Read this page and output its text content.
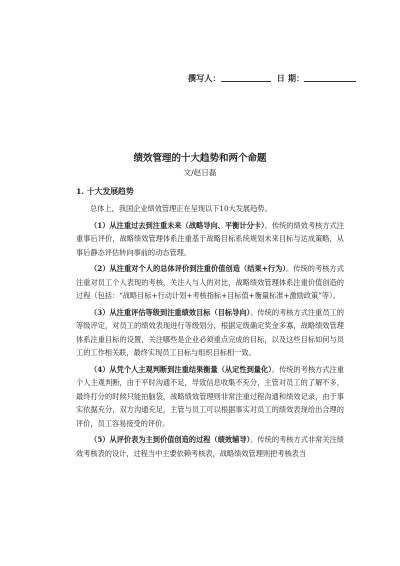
撰写人：	日 期：
绩效管理的十大趋势和两个命题
文/赵日磊
1. 十大发展趋势

总体上，我国企业绩效管理正在呈现以下10大发展趋势。

（1）从注重过去到注重未来（战略导向、平衡计分卡）。传统的绩效考核方式注重事后评价，战略绩效管理体系注重基于战略目标系统规划未来目标与达成策略，从事后静态评估转向事前的动态管理。

（2）从注重对个人的总体评价到注重价值创造（结果+行为）。传统的考核方式注重对员工个人表现的考核，关注人与人的对比，战略绩效管理体系注重价值创造的过程（包括：“战略目标+行动计划+考核指标+目标值+衡量标准+激励政策”等）。

（3）从注重评估等级到注重绩效目标（目标导向）。传统的考核方式注重员工的等级评定，对员工的绩效表现进行等级划分，根据定级确定奖金多寡，战略绩效管理体系注重目标的设置，关注哪些是企业必须重点完成的目标，以及这些目标如何与员工的工作相关联，最终实现员工目标与组织目标相一致。

（4）从凭个人主观判断到注重结果衡量（从定性到量化）。传统的考核方式注重个人主观判断，由于平时沟通不足，导致信息收集不充分，主管对员工的了解不多，最终打分的时候只能拍脑袋，战略绩效管理则非常注重过程沟通和绩效记录，由于事实依据充分，双方沟通充足，主管与员工可以根据事实对员工的绩效表现给出合理的评价，员工容易接受的评价。

（5）从评价表为主到价值创造的过程（绩效辅导）。传统的考核方式非常关注绩效考核表的设计，过程当中主要依赖考核表，战略绩效管理则把考核表当
